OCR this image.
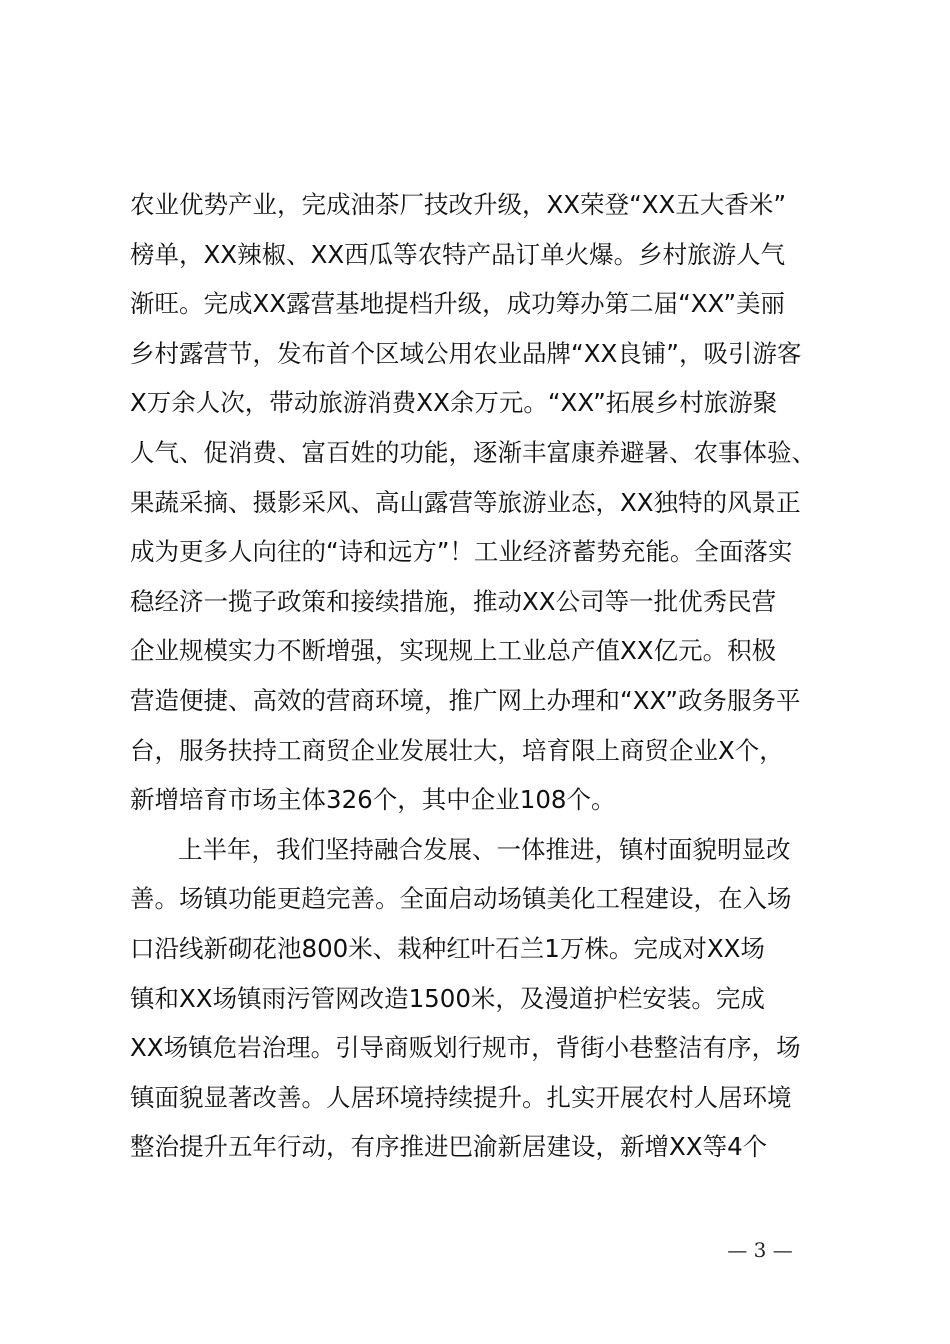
农业优势产业，完成油茶厂技改升级，XX荣登“XX五大香米”
榜单，XX辣椒、XX西瓜等农特产品订单火爆。乡村旅游人气
渐旺。完成XX露营基地提档升级，成功筹办第二届“XX”美丽
乡村露营节，发布首个区域公用农业品牌“XX良铺”，吸引游客
X万余人次，带动旅游消费XX余万元。“XX”拓展乡村旅游聚
人气、促消费、富百姓的功能，逐渐丰富康养避暑、农事体验、
果蔬采摘、摄影采风、高山露营等旅游业态，XX独特的风景正
成为更多人向往的“诗和远方”！工业经济蓄势充能。全面落实
稳经济一揽子政策和接续措施，推动XX公司等一批优秀民营
企业规模实力不断增强，实现规上工业总产值XX亿元。积极
营造便捷、高效的营商环境，推广网上办理和“XX”政务服务平
台，服务扶持工商贸企业发展壮大，培育限上商贸企业X个，
新增培育市场主体326个，其中企业108个。
上半年，我们坚持融合发展、一体推进，镇村面貌明显改
善。场镇功能更趋完善。全面启动场镇美化工程建设，在入场
口沿线新砌花池800米、栽种红叶石兰1万株。完成对XX场
镇和XX场镇雨污管网改造1500米，及漫道护栏安装。完成
XX场镇危岩治理。引导商贩划行规市，背街小巷整洁有序，场
镇面貌显著改善。人居环境持续提升。扎实开展农村人居环境
整治提升五年行动，有序推进巴渝新居建设，新增XX等4个
— 3 —
